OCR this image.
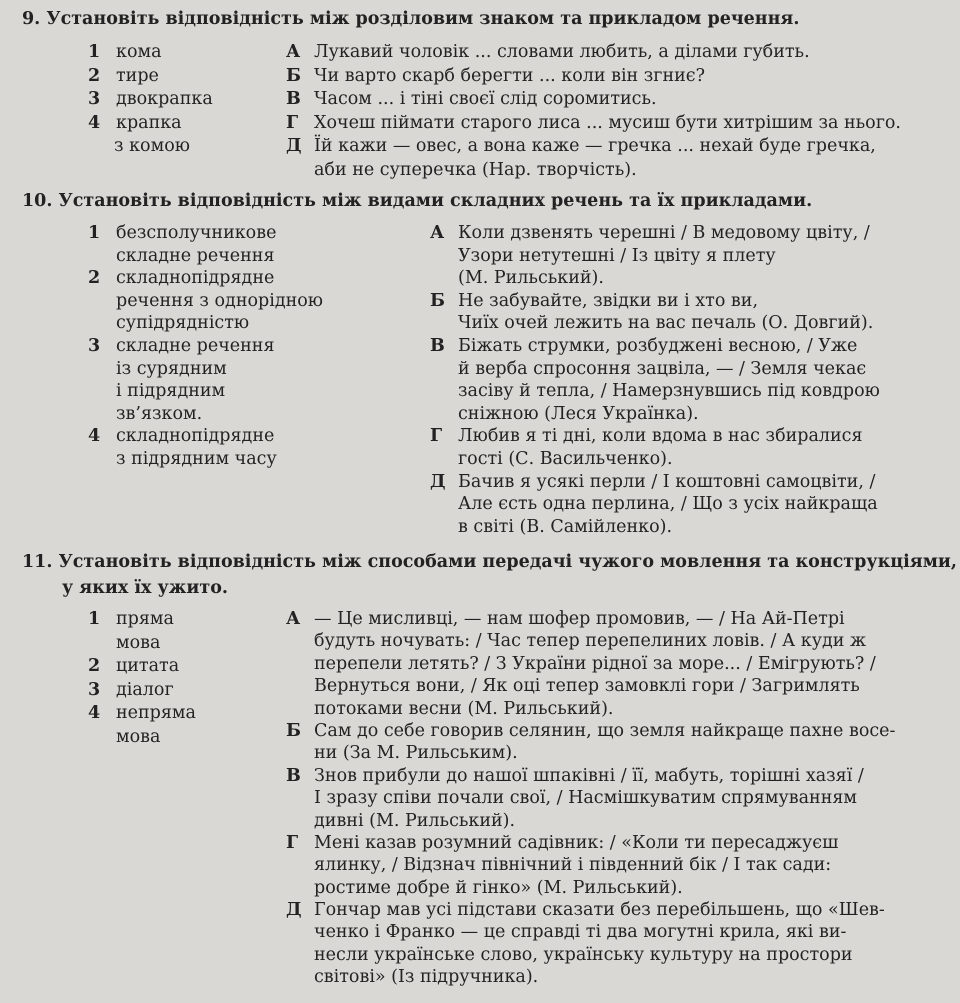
9. Установіть відповідність між розділовим знаком та прикладом речення.
1 кома
2 тире
3 двокрапка
4 крапка
з комою
А Лукавий чоловік ... словами любить, а ділами губить.
Б Чи варто скарб берегти ... коли він згниє?
В Часом ... і тіні своєї слід соромитись.
Г Хочеш піймати старого лиса ... мусиш бути хитрішим за нього.
Д Їй кажи — овес, а вона каже — гречка ... нехай буде гречка,
аби не суперечка (Нар. творчість).
10. Установіть відповідність між видами складних речень та їх прикладами.
1 безсполучникове
складне речення
2 складнопідрядне
речення з однорідною
супідрядністю
3 складне речення
із сурядним
і підрядним
зв’язком.
4 складнопідрядне
з підрядним часу
А Коли дзвенять черешні / В медовому цвіту, /
Узори нетутешні / Із цвіту я плету
(М. Рильський).
Б Не забувайте, звідки ви і хто ви,
Чиїх очей лежить на вас печаль (О. Довгий).
В Біжать струмки, розбуджені весною, / Уже
й верба спросоння зацвіла, — / Земля чекає
засіву й тепла, / Намерзнувшись під ковдрою
сніжною (Леся Українка).
Г Любив я ті дні, коли вдома в нас збиралися
гості (С. Васильченко).
Д Бачив я усякі перли / І коштовні самоцвіти, /
Але єсть одна перлина, / Що з усіх найкраща
в світі (В. Самійленко).
11. Установіть відповідність між способами передачі чужого мовлення та конструкціями,
у яких їх ужито.
1 пряма
мова
2 цитата
3 діалог
4 непряма
мова
А — Це мисливці, — нам шофер промовив, — / На Ай-Петрі
будуть ночувать: / Час тепер перепелиних ловів. / А куди ж
перепели летять? / З України рідної за море... / Емігрують? /
Вернуться вони, / Як оці тепер замовклі гори / Загримлять
потоками весни (М. Рильський).
Б Сам до себе говорив селянин, що земля найкраще пахне восе-
ни (За М. Рильським).
В Знов прибули до нашої шпаківні / її, мабуть, торішні хазяї /
І зразу співи почали свої, / Насмішкуватим спрямуванням
дивні (М. Рильський).
Г Мені казав розумний садівник: / «Коли ти пересаджуєш
ялинку, / Відзнач північний і південний бік / І так сади:
ростиме добре й гінко» (М. Рильський).
Д Гончар мав усі підстави сказати без перебільшень, що «Шев-
ченко і Франко — це справді ті два могутні крила, які ви-
несли українське слово, українську культуру на простори
світові» (Із підручника).
